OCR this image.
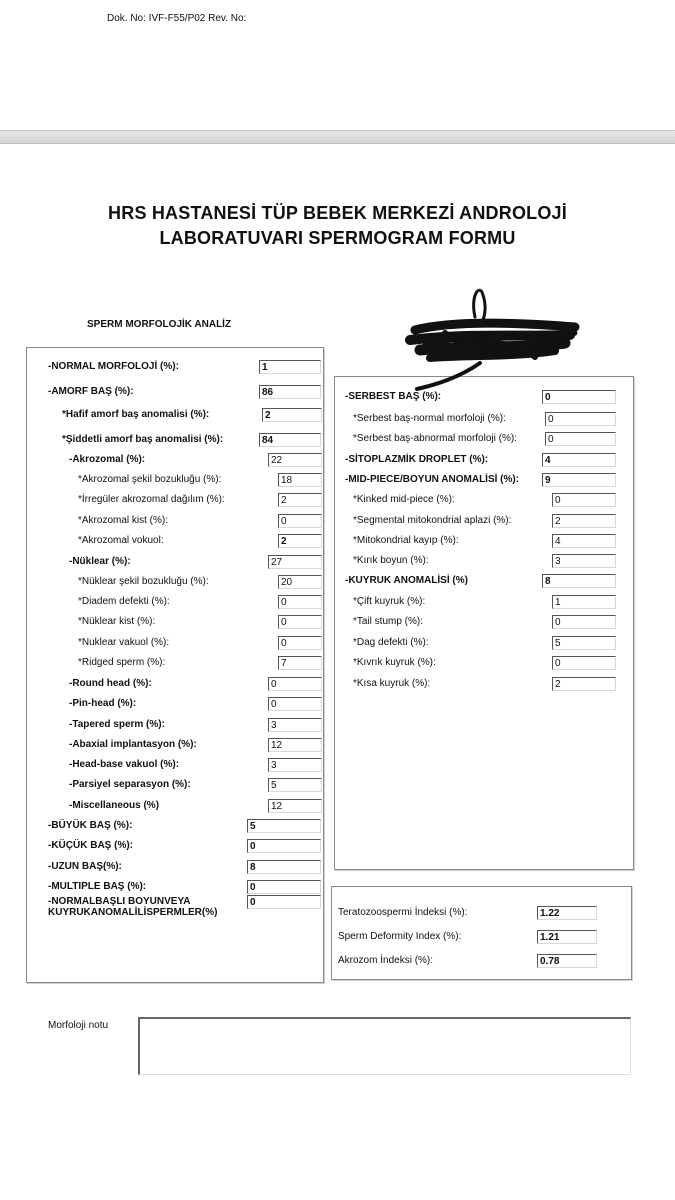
Dok. No: IVF-F55/P02 Rev. No:
HRS HASTANESİ TÜP BEBEK MERKEZİ ANDROLOJİ
LABORATUVARI SPERMOGRAM FORMU
SPERM MORFOLOJİK ANALİZ
-NORMAL MORFOLOJİ (%):	1
-AMORF BAŞ (%):	86
*Hafif amorf baş anomalisi (%):	2
*Şiddetli amorf baş anomalisi (%):	84
-Akrozomal (%):	22
*Akrozomal şekil bozukluğu (%):	18
*İrregüler akrozomal dağılım (%):	2
*Akrozomal kist (%):	0
*Akrozomal vokuol:	2
-Nüklear (%):	27
*Nüklear şekil bozukluğu (%):	20
*Diadem defekti (%):	0
*Nüklear kist (%):	0
*Nuklear vakuol (%):	0
*Ridged sperm (%):	7
-Round head (%):	0
-Pin-head (%):	0
-Tapered sperm (%):	3
-Abaxial implantasyon (%):	12
-Head-base vakuol (%):	3
-Parsiyel separasyon (%):	5
-Miscellaneous (%)	12
-BÜYÜK BAŞ (%):	5
-KÜÇÜK BAŞ (%):	0
-UZUN BAŞ(%):	8
-MULTIPLE BAŞ (%):	0
-NORMALBAŞLI BOYUNVEYA
KUYRUKANOMALİLİSPERMLER(%)
0
-SERBEST BAŞ (%):	0
*Serbest baş-normal morfoloji (%):	0
*Serbest baş-abnormal morfoloji (%):	0
-SİTOPLAZMİK DROPLET (%):	4
-MID-PIECE/BOYUN ANOMALİSİ (%):	9
*Kinked mid-piece (%):	0
*Segmental mitokondrial aplazi (%):	2
*Mitokondrial kayıp (%):	4
*Kırık boyun (%):	3
-KUYRUK ANOMALİSİ (%)	8
*Çift kuyruk (%):	1
*Tail stump (%):	0
*Dag defekti (%):	5
*Kıvrık kuyruk (%):	0
*Kısa kuyruk (%):	2
Teratozoospermi İndeksi (%):	1.22
Sperm Deformity Index (%):	1.21
Akrozom İndeksi (%):	0.78
Morfoloji notu
